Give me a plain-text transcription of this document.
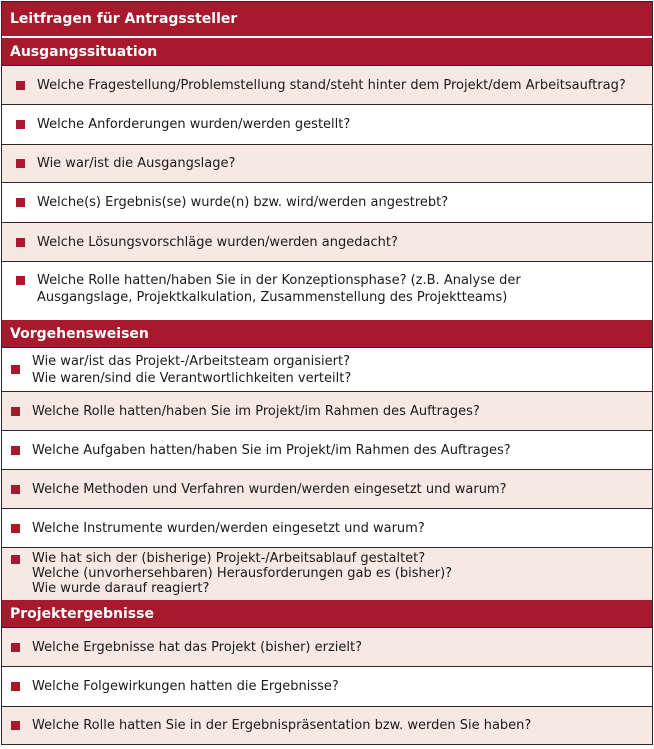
Leitfragen für Antragssteller
Ausgangssituation
Welche Fragestellung/Problemstellung stand/steht hinter dem Projekt/dem Arbeitsauftrag?
Welche Anforderungen wurden/werden gestellt?
Wie war/ist die Ausgangslage?
Welche(s) Ergebnis(se) wurde(n) bzw. wird/werden angestrebt?
Welche Lösungsvorschläge wurden/werden angedacht?
Welche Rolle hatten/haben Sie in der Konzeptionsphase? (z.B. Analyse der
Ausgangslage, Projektkalkulation, Zusammenstellung des Projektteams)
Vorgehensweisen
Wie war/ist das Projekt-/Arbeitsteam organisiert?
Wie waren/sind die Verantwortlichkeiten verteilt?
Welche Rolle hatten/haben Sie im Projekt/im Rahmen des Auftrages?
Welche Aufgaben hatten/haben Sie im Projekt/im Rahmen des Auftrages?
Welche Methoden und Verfahren wurden/werden eingesetzt und warum?
Welche Instrumente wurden/werden eingesetzt und warum?
Wie hat sich der (bisherige) Projekt-/Arbeitsablauf gestaltet?
Welche (unvorhersehbaren) Herausforderungen gab es (bisher)?
Wie wurde darauf reagiert?
Projektergebnisse
Welche Ergebnisse hat das Projekt (bisher) erzielt?
Welche Folgewirkungen hatten die Ergebnisse?
Welche Rolle hatten Sie in der Ergebnispräsentation bzw. werden Sie haben?
